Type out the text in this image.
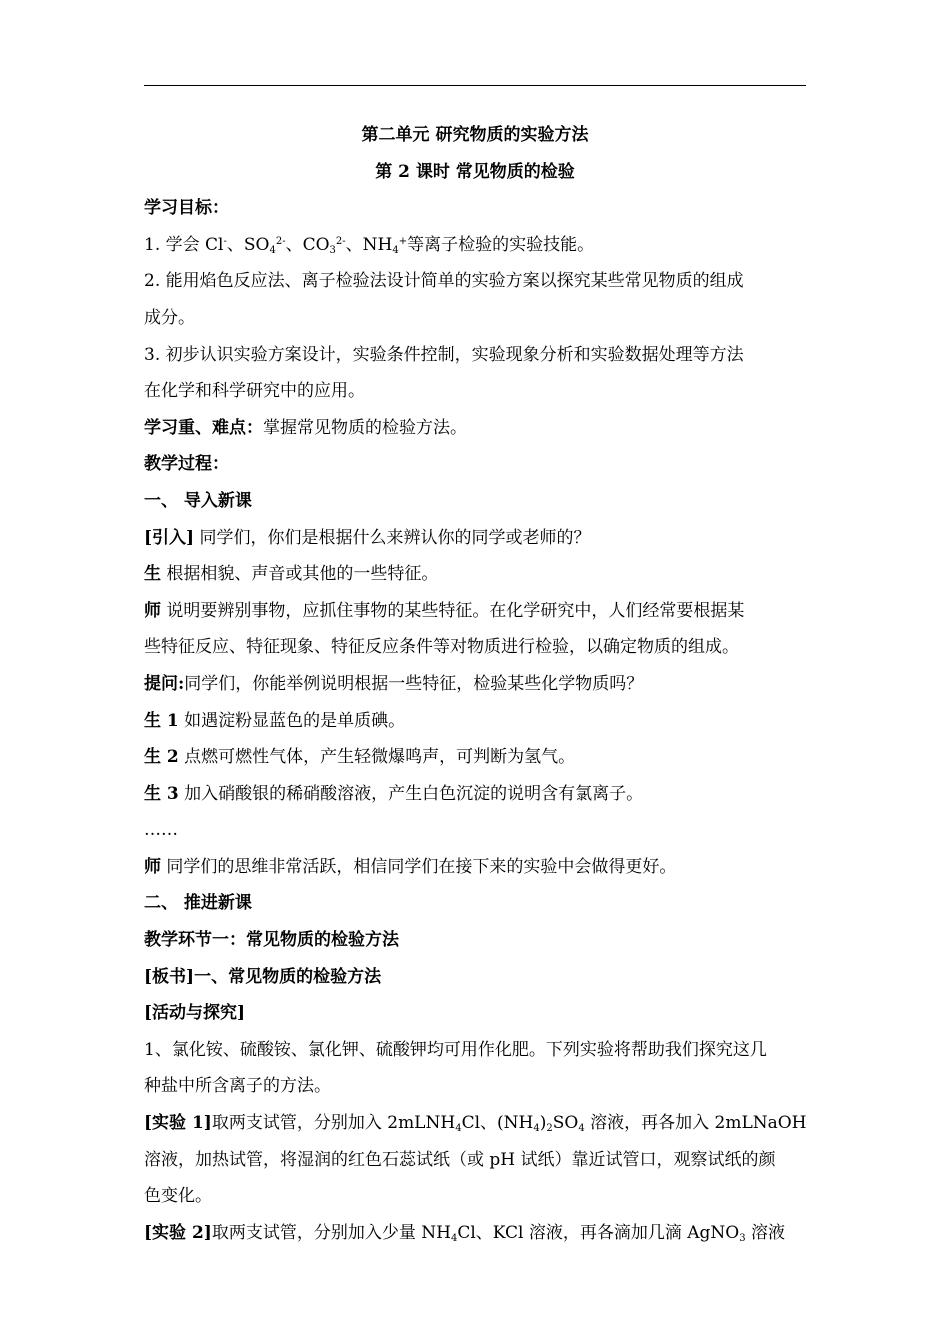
第二单元 研究物质的实验方法
第 2 课时 常见物质的检验
学习目标：
1. 学会 Cl-、$SO_4^{2-}$、$CO_3^{2-}$、$NH_4^+$等离子检验的实验技能。
2. 能用焰色反应法、离子检验法设计简单的实验方案以探究某些常见物质的组成
成分。
3. 初步认识实验方案设计，实验条件控制，实验现象分析和实验数据处理等方法
在化学和科学研究中的应用。
学习重、难点：掌握常见物质的检验方法。
教学过程：
一、 导入新课
[引入] 同学们，你们是根据什么来辨认你的同学或老师的？
生 根据相貌、声音或其他的一些特征。
师 说明要辨别事物，应抓住事物的某些特征。在化学研究中，人们经常要根据某
些特征反应、特征现象、特征反应条件等对物质进行检验，以确定物质的组成。
提问:同学们，你能举例说明根据一些特征，检验某些化学物质吗？
生 1 如遇淀粉显蓝色的是单质碘。
生 2 点燃可燃性气体，产生轻微爆鸣声，可判断为氢气。
生 3 加入硝酸银的稀硝酸溶液，产生白色沉淀的说明含有氯离子。
……
师 同学们的思维非常活跃，相信同学们在接下来的实验中会做得更好。
二、 推进新课
教学环节一：常见物质的检验方法
[板书]一、常见物质的检验方法
[活动与探究]
1、氯化铵、硫酸铵、氯化钾、硫酸钾均可用作化肥。下列实验将帮助我们探究这几
种盐中所含离子的方法。
[实验 1]取两支试管，分别加入 2mLNH$_4$Cl、$(NH_4)_2SO_4$ 溶液，再各加入 2mLNaOH
溶液，加热试管，将湿润的红色石蕊试纸（或 pH 试纸）靠近试管口，观察试纸的颜
色变化。
[实验 2]取两支试管，分别加入少量 $NH_4Cl$、KCl 溶液，再各滴加几滴 AgNO$_3$ 溶液
